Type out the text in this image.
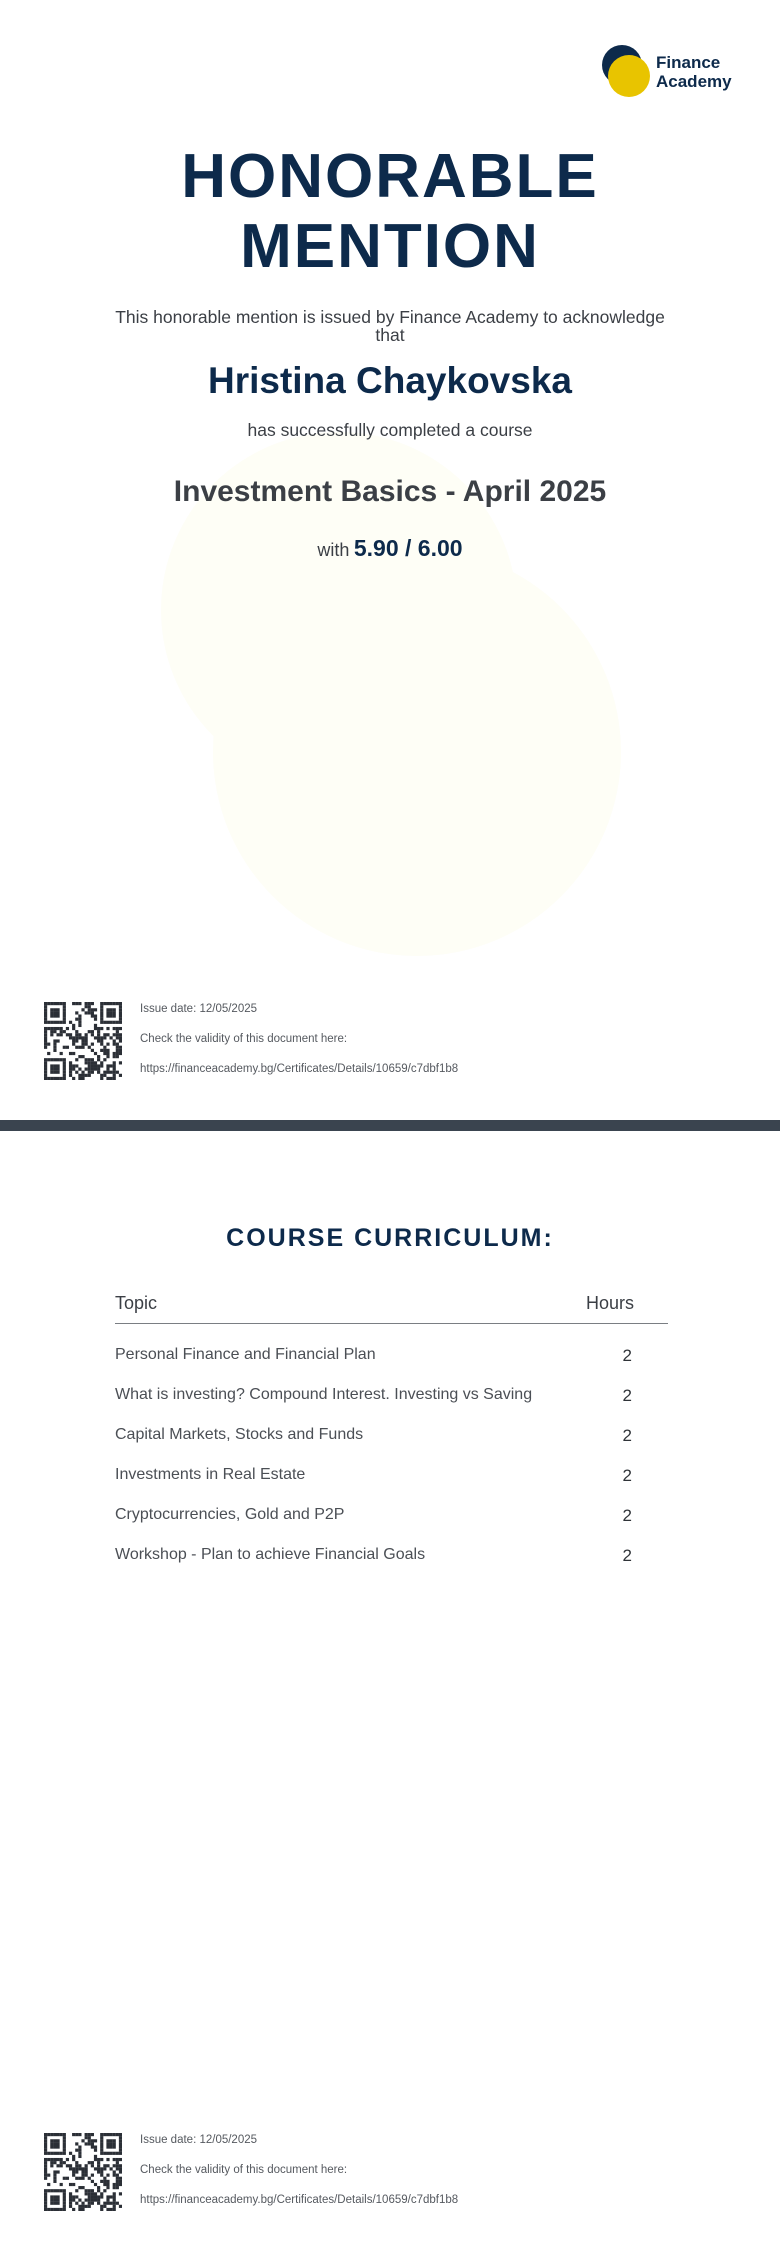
Finance
Academy
HONORABLE
MENTION
This honorable mention is issued by Finance Academy to acknowledge that
Hristina Chaykovska
has successfully completed a course
Investment Basics - April 2025
with 5.90 / 6.00
Issue date: 12/05/2025
Check the validity of this document here:
https://financeacademy.bg/Certificates/Details/10659/c7dbf1b8
COURSE CURRICULUM:
Topic	Hours
Personal Finance and Financial Plan	2
What is investing? Compound Interest. Investing vs Saving	2
Capital Markets, Stocks and Funds	2
Investments in Real Estate	2
Cryptocurrencies, Gold and P2P	2
Workshop - Plan to achieve Financial Goals	2
Issue date: 12/05/2025
Check the validity of this document here:
https://financeacademy.bg/Certificates/Details/10659/c7dbf1b8
